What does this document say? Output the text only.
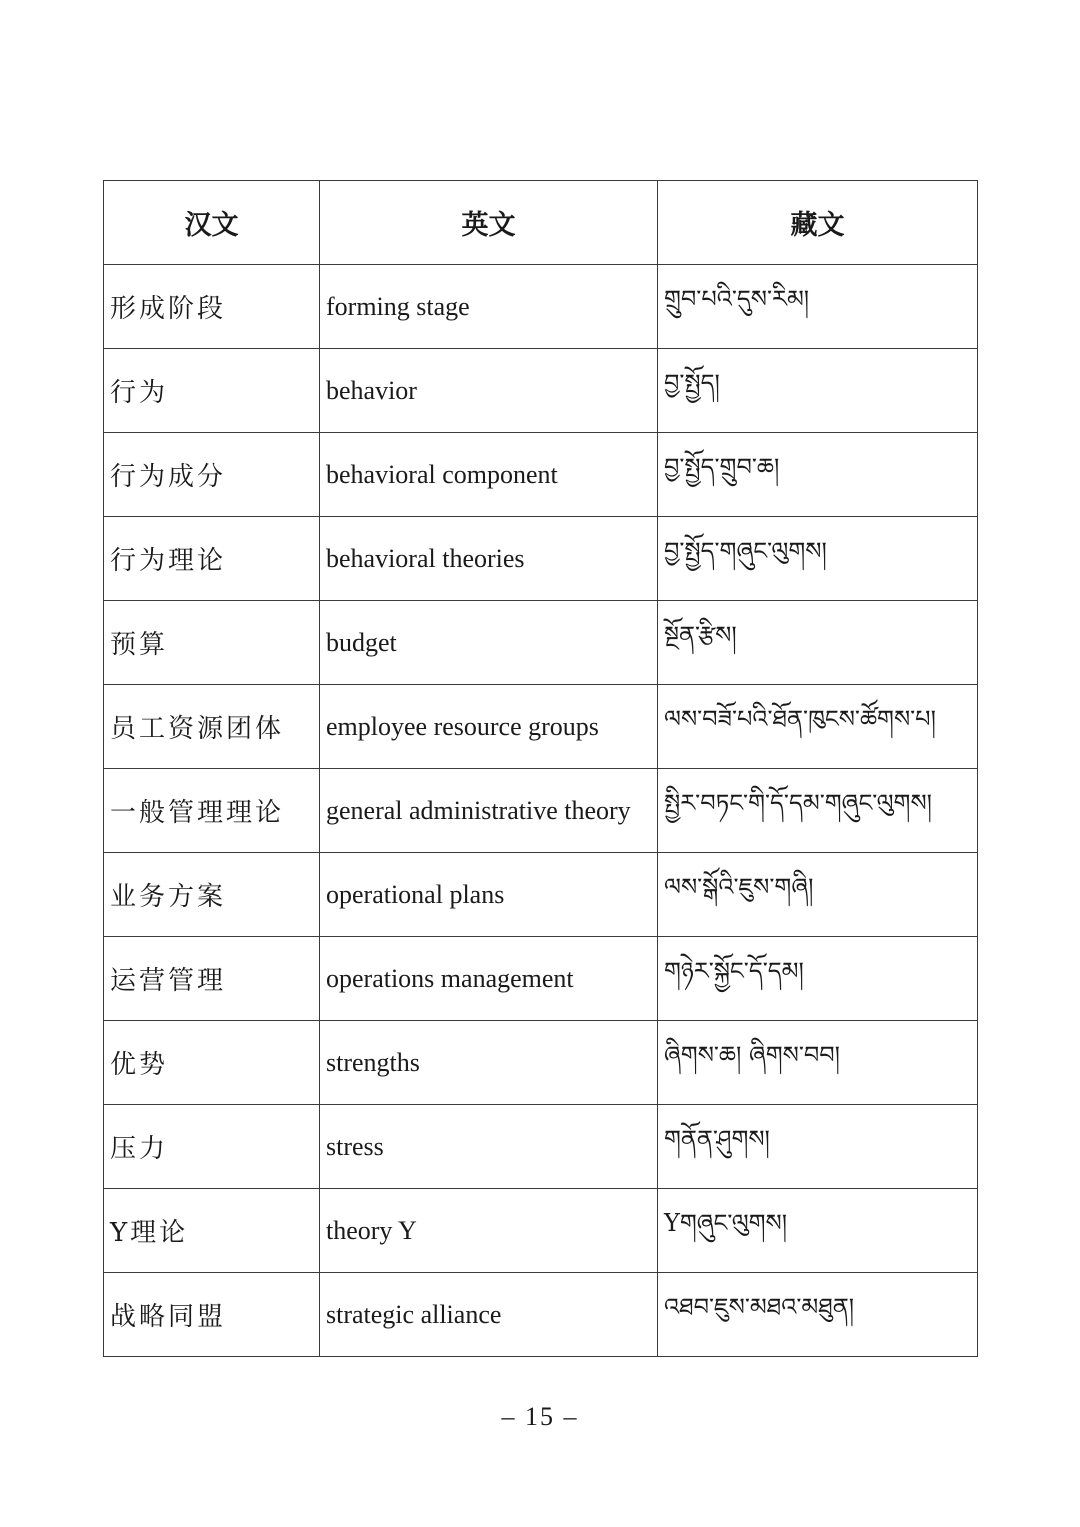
汉文	英文	藏文
形成阶段	forming stage	གྲུབ་པའི་དུས་རིམ།
行为	behavior	བྱ་སྤྱོད།
行为成分	behavioral component	བྱ་སྤྱོད་གྲུབ་ཆ།
行为理论	behavioral theories	བྱ་སྤྱོད་གཞུང་ལུགས།
预算	budget	སྔོན་རྩིས།
员工资源团体	employee resource groups	ལས་བཟོ་པའི་ཐོན་ཁུངས་ཚོགས་པ།
一般管理理论	general administrative theory	སྤྱིར་བཏང་གི་དོ་དམ་གཞུང་ལུགས།
业务方案	operational plans	ལས་སྒོའི་ཇུས་གཞི།
运营管理	operations management	གཉེར་སྐྱོང་དོ་དམ།
优势	strengths	ཞིགས་ཆ། ཞིགས་བབ།
压力	stress	གནོན་ཤུགས།
Y理论	theory Y	Yགཞུང་ལུགས།
战略同盟	strategic alliance	འཐབ་ཇུས་མཐའ་མཐུན།
– 15 –
